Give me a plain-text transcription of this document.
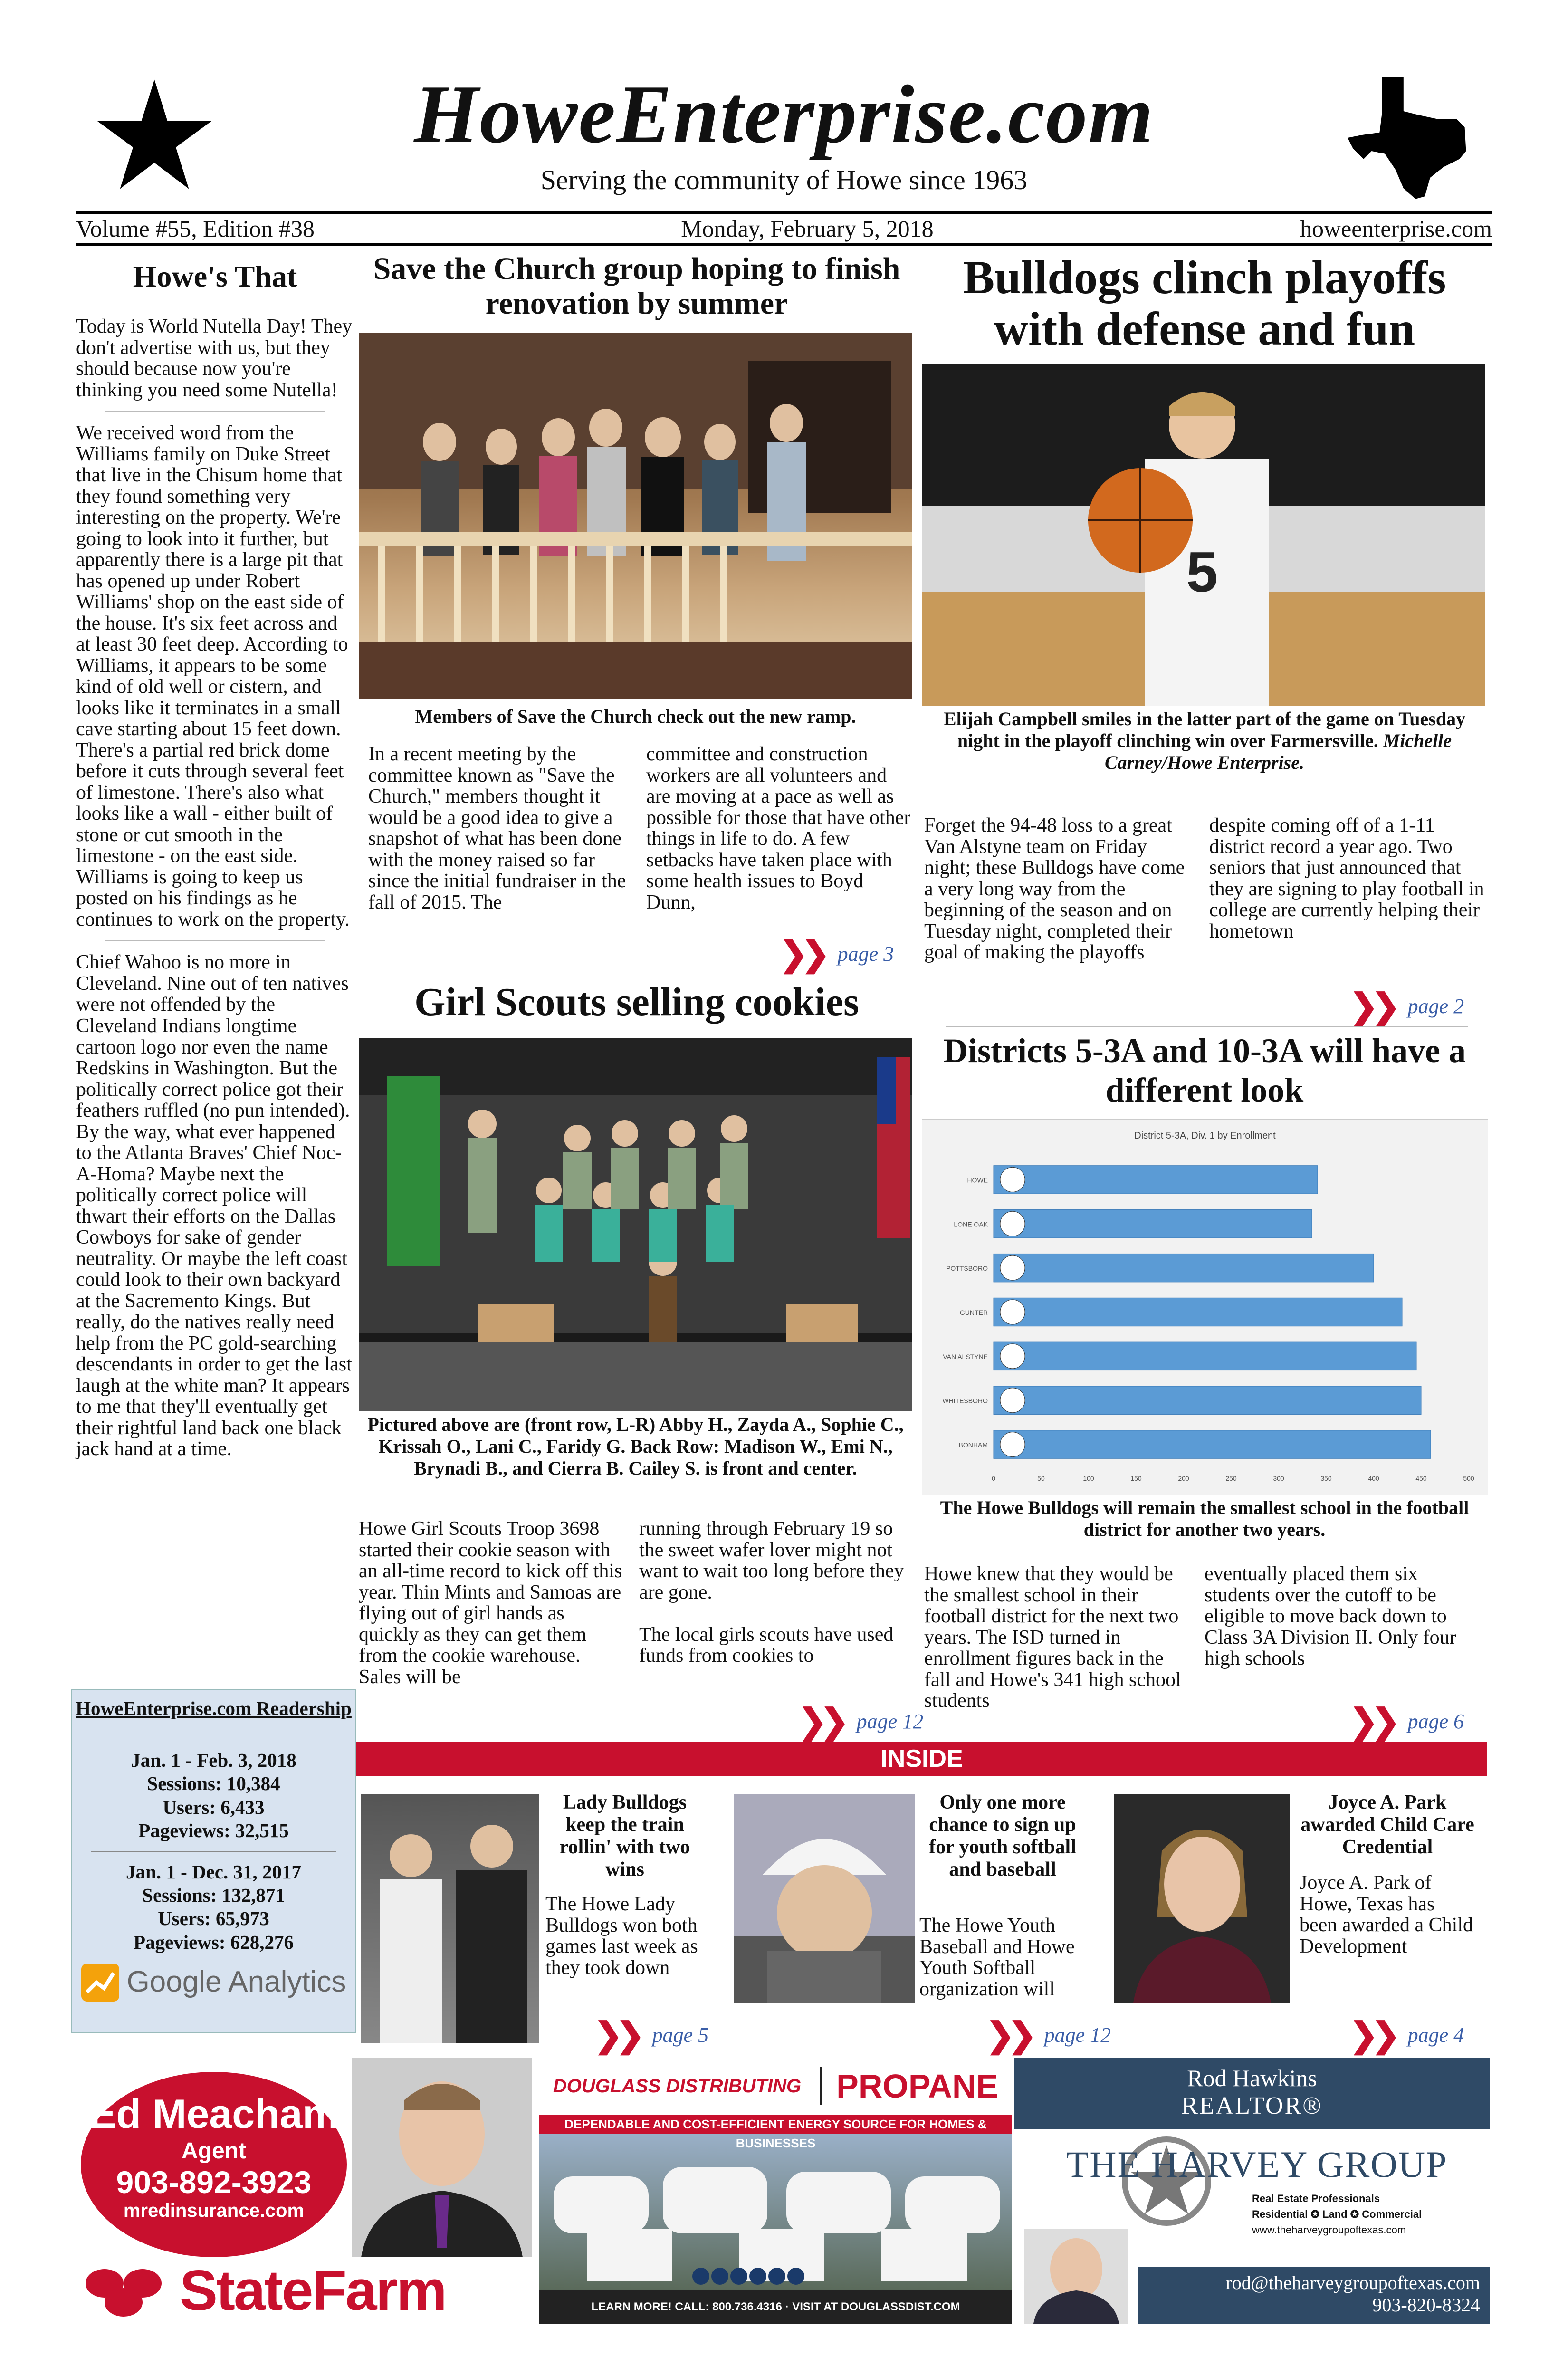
HoweEnterprise.com
Serving the community of Howe since 1963
Volume #55, Edition #38	Monday, February 5, 2018	howeenterprise.com
Howe's That
Today is World Nutella Day! They don't advertise with us, but they should because now you're thinking you need some Nutella!
We received word from the Williams family on Duke Street that live in the Chisum home that they found something very interesting on the property. We're going to look into it further, but apparently there is a large pit that has opened up under Robert Williams' shop on the east side of the house. It's six feet across and at least 30 feet deep. According to Williams, it appears to be some kind of old well or cistern, and looks like it terminates in a small cave starting about 15 feet down. There's a partial red brick dome before it cuts through several feet of limestone. There's also what looks like a wall - either built of stone or cut smooth in the limestone - on the east side. Williams is going to keep us posted on his findings as he continues to work on the property.
Chief Wahoo is no more in Cleveland. Nine out of ten natives were not offended by the Cleveland Indians longtime cartoon logo nor even the name Redskins in Washington. But the politically correct police got their feathers ruffled (no pun intended). By the way, what ever happened to the Atlanta Braves' Chief Noc-A-Homa? Maybe next the politically correct police will thwart their efforts on the Dallas Cowboys for sake of gender neutrality. Or maybe the left coast could look to their own backyard at the Sacremento Kings. But really, do the natives really need help from the PC gold-searching descendants in order to get the last laugh at the white man? It appears to me that they'll eventually get their rightful land back one black jack hand at a time.
HoweEnterprise.com Readership
Jan. 1 - Feb. 3, 2018
Sessions: 10,384
Users: 6,433
Pageviews: 32,515
Jan. 1 - Dec. 31, 2017
Sessions: 132,871
Users: 65,973
Pageviews: 628,276
Google Analytics
Save the Church group hoping to finish renovation by summer
Members of Save the Church check out the new ramp.
In a recent meeting by the committee known as "Save the Church," members thought it would be a good idea to give a snapshot of what has been done with the money raised so far since the initial fundraiser in the fall of 2015. The
committee and construction workers are all volunteers and are moving at a pace as well as possible for those that have other things in life to do. A few setbacks have taken place with some health issues to Boyd Dunn,
❯❯ page 3
Girl Scouts selling cookies
Pictured above are (front row, L-R) Abby H., Zayda A., Sophie C., Krissah O., Lani C., Faridy G. Back Row: Madison W., Emi N., Brynadi B., and Cierra B. Cailey S. is front and center.
Howe Girl Scouts Troop 3698 started their cookie season with an all-time record to kick off this year. Thin Mints and Samoas are flying out of girl hands as quickly as they can get them from the cookie warehouse. Sales will be
running through February 19 so the sweet wafer lover might not want to wait too long before they are gone.

The local girls scouts have used funds from cookies to
❯❯ page 12
Bulldogs clinch playoffs with defense and fun
5
Elijah Campbell smiles in the latter part of the game on Tuesday night in the playoff clinching win over Farmersville. Michelle Carney/Howe Enterprise.
Forget the 94-48 loss to a great Van Alstyne team on Friday night; these Bulldogs have come a very long way from the beginning of the season and on Tuesday night, completed their goal of making the playoffs
despite coming off of a 1-11 district record a year ago. Two seniors that just announced that they are signing to play football in college are currently helping their hometown
❯❯ page 2
Districts 5-3A and 10-3A will have a different look
District 5-3A, Div. 1 by Enrollment
HOWE
LONE OAK
POTTSBORO
GUNTER
VAN ALSTYNE
WHITESBORO
BONHAM
0	50	100	150	200	250	300	350	400	450	500
The Howe Bulldogs will remain the smallest school in the football district for another two years.
Howe knew that they would be the smallest school in their football district for the next two years. The ISD turned in enrollment figures back in the fall and Howe's 341 high school students
eventually placed them six students over the cutoff to be eligible to move back down to Class 3A Division II. Only four high schools
❯❯ page 6
INSIDE
Lady Bulldogs keep the train rollin' with two wins
The Howe Lady Bulldogs won both games last week as they took down
❯❯ page 5
Only one more chance to sign up for youth softball and baseball
The Howe Youth Baseball and Howe Youth Softball organization will
❯❯ page 12
Joyce A. Park awarded Child Care Credential
Joyce A. Park of Howe, Texas has been awarded a Child Development
❯❯ page 4
Ed Meacham
Agent
903-892-3923
mredinsurance.com
StateFarm
DOUGLASS DISTRIBUTING	PROPANE
DEPENDABLE AND COST-EFFICIENT ENERGY SOURCE FOR HOMES &
LEARN MORE! CALL: 800.736.4316 · VISIT AT DOUGLASSDIST.COM
Rod Hawkins
REALTOR®
THE HARVEY GROUP
Real Estate Professionals
Residential ✪ Land ✪ Commercial
www.theharveygroupoftexas.com
rod@theharveygroupoftexas.com
903-820-8324
